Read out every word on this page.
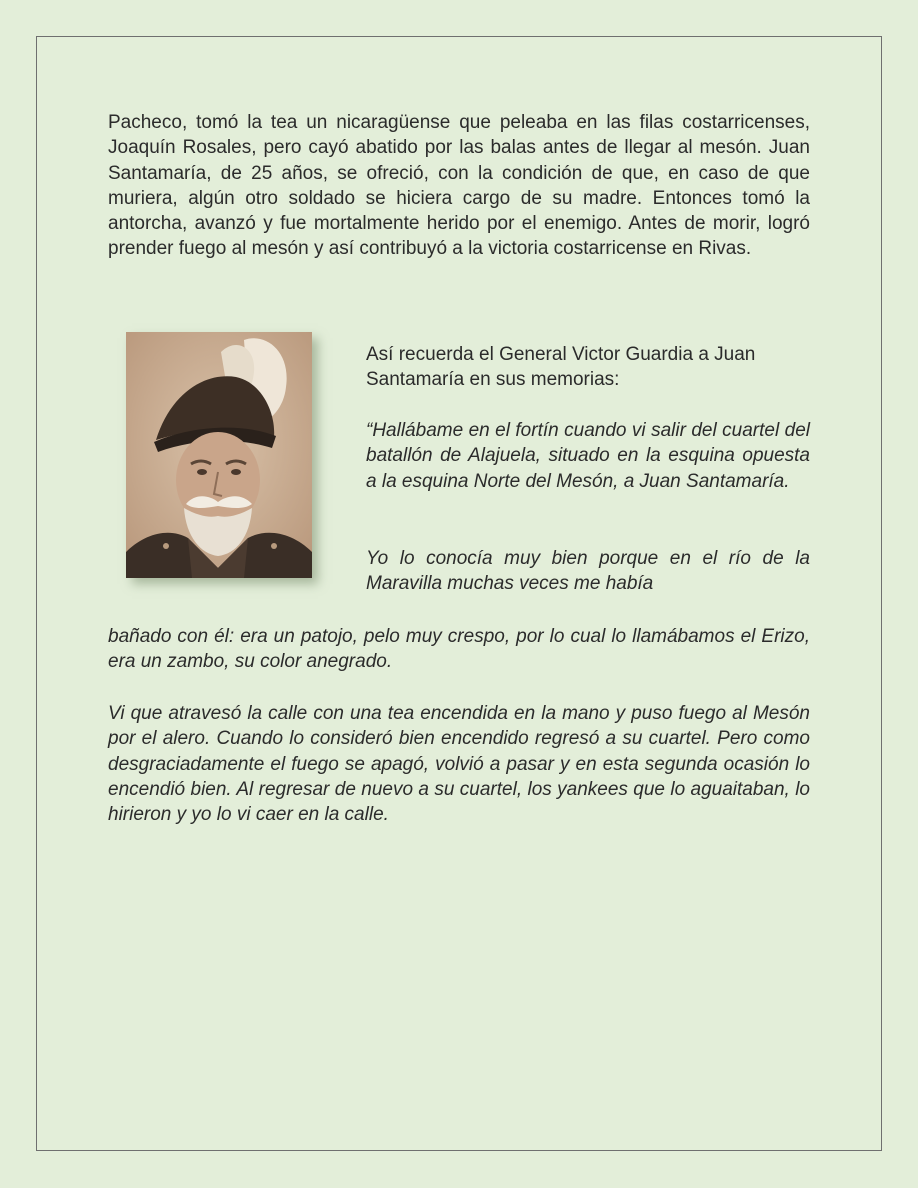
Pacheco, tomó la tea un nicaragüense que peleaba en las filas costarricenses, Joaquín Rosales, pero cayó abatido por las balas antes de llegar al mesón. Juan Santamaría, de 25 años, se ofreció, con la condición de que, en caso de que muriera, algún otro soldado se hiciera cargo de su madre. Entonces tomó la antorcha, avanzó y fue mortalmente herido por el enemigo. Antes de morir, logró prender fuego al mesón y así contribuyó a la victoria costarricense en Rivas.

Así recuerda el General Victor Guardia a Juan Santamaría en sus memorias:

“Hallábame en el fortín cuando vi salir del cuartel del batallón de Alajuela, situado en la esquina opuesta a la esquina Norte del Mesón, a Juan Santamaría.

Yo lo conocía muy bien porque en el río de la Maravilla muchas veces me había

bañado con él: era un patojo, pelo muy crespo, por lo cual lo llamábamos el Erizo, era un zambo, su color anegrado.

Vi que atravesó la calle con una tea encendida en la mano y puso fuego al Mesón por el alero. Cuando lo consideró bien encendido regresó a su cuartel. Pero como desgraciadamente el fuego se apagó, volvió a pasar y en esta segunda ocasión lo encendió bien. Al regresar de nuevo a su cuartel, los yankees que lo aguaitaban, lo hirieron y yo lo vi caer en la calle.
